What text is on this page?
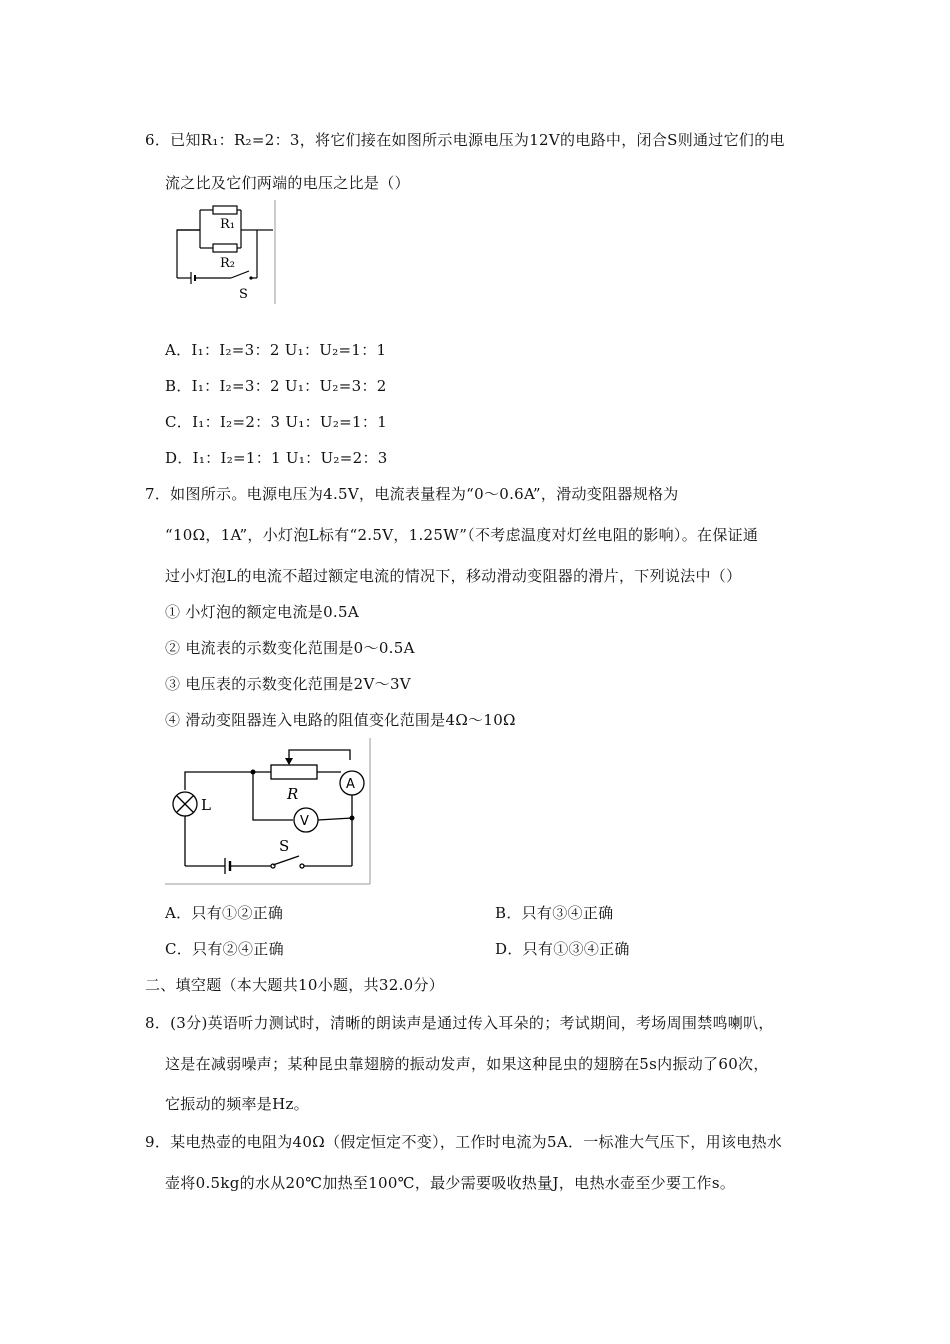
6．已知R₁：R₂=2：3，将它们接在如图所示电源电压为12V的电路中，闭合S则通过它们的电
流之比及它们两端的电压之比是（）
R₁
R₂
S
A．I₁：I₂=3：2 U₁：U₂=1：1
B．I₁：I₂=3：2 U₁：U₂=3：2
C．I₁：I₂=2：3 U₁：U₂=1：1
D．I₁：I₂=1：1 U₁：U₂=2：3
7．如图所示。电源电压为4.5V，电流表量程为“0～0.6A”，滑动变阻器规格为
“10Ω，1A”，小灯泡L标有“2.5V，1.25W”（不考虑温度对灯丝电阻的影响）。在保证通
过小灯泡L的电流不超过额定电流的情况下，移动滑动变阻器的滑片，下列说法中（）
① 小灯泡的额定电流是0.5A
② 电流表的示数变化范围是0～0.5A
③ 电压表的示数变化范围是2V～3V
④ 滑动变阻器连入电路的阻值变化范围是4Ω～10Ω
R
A
V
L
S
A．只有①②正确	B．只有③④正确
C．只有②④正确	D．只有①③④正确
二、填空题（本大题共10小题，共32.0分）
8．(3分)英语听力测试时，清晰的朗读声是通过传入耳朵的；考试期间，考场周围禁鸣喇叭，
这是在减弱噪声；某种昆虫靠翅膀的振动发声，如果这种昆虫的翅膀在5s内振动了60次，
它振动的频率是Hz。
9．某电热壶的电阻为40Ω（假定恒定不变），工作时电流为5A．一标准大气压下，用该电热水
壶将0.5kg的水从20℃加热至100℃，最少需要吸收热量J，电热水壶至少要工作s。
